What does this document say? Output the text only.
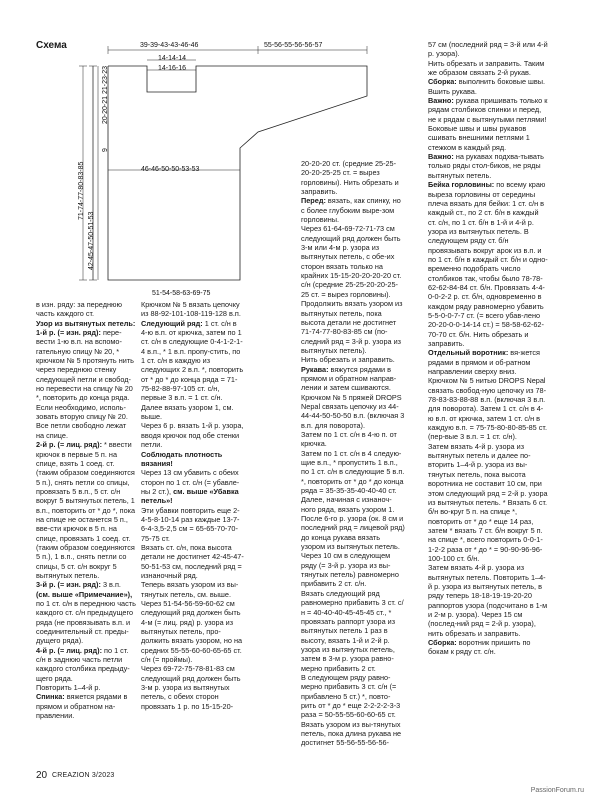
Схема	39-39-43-43-46-46	55-56-55-56-56-57
14-14-14
14-16-16
46-46-50-50-53-53
51-54-58-63-69-75
20-20-21 21-23-23
9
71-74-77-80-83-85
42-45-47-50-51-53

в изн. ряду: за переднюю часть каждого ст.

Узор из вытянутых петель:

1-й р. (= изн. ряд): пере-вести 1-ю в.п. на вспомо-гательную спицу № 20, * крючком № 5 протянуть нить через переднюю стенку следующей петли и свобод-но перевести на спицу № 20 *, повторить до конца ряда. Если необходимо, исполь-зовать вторую спицу № 20. Все петли свободно лежат на спице.

2-й р. (= лиц. ряд): * ввести крючок в первые 5 п. на спице, взять 1 соед. ст. (таким образом соединяются 5 п.), снять петли со спицы, провязать 5 в.п., 5 ст. с/н вокруг 5 вытянутых петель, 1 в.п., повторить от * до *, пока на спице не останется 5 п., вве-сти крючок в 5 п. на спице, провязать 1 соед. ст. (таким образом соединяются 5 п.), 1 в.п., снять петли со спицы, 5 ст. с/н вокруг 5 вытянутых петель.

3-й р. (= изн. ряд): 3 в.п.

(см. выше «Примечание»), по 1 ст. с/н в переднюю часть каждого ст. с/н предыдущего ряда (не провязывать в.п. и соединительный ст. преды-дущего ряда).

4-й р. (= лиц. ряд): по 1 ст. с/н в заднюю часть петли каждого столбика предыду-щего ряда.

Повторить 1–4-й р.

Спинка: вяжется рядами в прямом и обратном на-правлении.

Крючком № 5 вязать цепочку из 88-92-101-108-119-128 в.п.

Следующий ряд: 1 ст. с/н в 4-ю в.п. от крючка, затем по 1 ст. с/н в следующие 0-4-1-2-1-4 в.п., * 1 в.п. пропу-стить, по 1 ст. с/н в каждую из следующих 2 в.п. *, повторить от * до * до конца ряда = 71-75-82-88-97-105 ст. с/н, первые 3 в.п. = 1 ст. с/н.

Далее вязать узором 1, см. выше.

Через 6 р. вязать 1-й р. узора, вводя крючок под обе стенки петли.

Соблюдать плотность вязания!

Через 13 см убавить с обеих сторон по 1 ст. с/н (= убавле-ны 2 ст.), см. выше «Убавка петель»!

Эти убавки повторить еще 2-4-5-8-10-14 раз каждые 13-7-6-4-3,5-2,5 см = 65-65-70-70-75-75 ст.

Вязать ст. с/н, пока высота детали не достигнет 42-45-47-50-51-53 см, последний ряд = изнаночный ряд.

Теперь вязать узором из вы-тянутых петель, см. выше.

Через 51-54-56-59-60-62 см следующий ряд должен быть 4-м (= лиц. ряд) р. узора из вытянутых петель, про-должить вязать узором, но на средних 55-55-60-60-65-65 ст. с/н (= проймы).

Через 69-72-75-78-81-83 см следующий ряд должен быть 3-м р. узора из вытянутых петель, с обеих сторон провязать 1 р. по 15-15-20-

20-20-20 ст. (средние 25-25-20-20-25-25 ст. = вырез горловины). Нить обрезать и заправить.

Перед: вязать, как спинку, но с более глубоким выре-зом горловины.

Через 61-64-69-72-71-73 см следующий ряд должен быть 3-м или 4-м р. узора из вытянутых петель, с обе-их сторон вязать только на крайних 15-15-20-20-20-20 ст. с/н (средние 25-25-20-20-25-25 ст. = вырез горловины).

Продолжить вязать узором из вытянутых петель, пока высота детали не достигнет 71-74-77-80-83-85 см (по-следний ряд = 3-й р. узора из вытянутых петель).

Нить обрезать и заправить.

Рукава: вяжутся рядами в прямом и обратном направ-лении и затем сшиваются. Крючком № 5 пряжей DROPS Nepal связать цепочку из 44-44-44-50-50-50 в.п. (включая 3 в.п. для поворота).

Затем по 1 ст. с/н в 4-ю п. от крючка.

Затем по 1 ст. с/н в 4 следую-щие в.п., * пропустить 1 в.п., по 1 ст. с/н в следующие 5 в.п. *, повторить от * до * до конца ряда = 35-35-35-40-40-40 ст.

Далее, начиная с изнаноч-ного ряда, вязать узором 1. После 6-го р. узора (ок. 8 см и последний ряд = лицевой ряд) до конца рукава вязать узором из вытянутых петель. Через 10 см в следующем ряду (= 3-й р. узора из вы-тянутых петель) равномерно прибавить 2 ст. с/н.

Вязать следующий ряд равномерно прибавить 3 ст. с/н = 40-40-40-45-45-45 ст., * провязать раппорт узора из вытянутых петель 1 раз в высоту, вязать 1-й и 2-й р. узора из вытянутых петель, затем в 3-м р. узора равно-мерно прибавить 2 ст.

В следующем ряду равно-мерно прибавить 3 ст. с/н (= прибавлено 5 ст.) *, повто-рить от * до * еще 2-2-2-2-3-3 раза = 50-55-55-60-60-65 ст.

Вязать узором из вы-тянутых петель, пока длина рукава не достигнет 55-56-55-56-56-

57 см (последний ряд = 3-й или 4-й р. узора).

Нить обрезать и заправить. Таким же образом связать 2-й рукав.

Сборка: выполнить боковые швы.

Вшить рукава.

Важно: рукава пришивать только к рядам столбиков спинки и перед, не к рядам с вытянутыми петлями! Боковые швы и швы рукавов сшивать внешними петлями 1 стежком в каждый ряд.

Важно: на рукавах подхва-тывать только ряды стол-биков, не ряды вытянутых петель.

Бейка горловины: по всему краю выреза горловины от середины плеча вязать для бейки: 1 ст. с/н в каждый ст., по 2 ст. б/н в каждый ст. с/н, по 1 ст. б/н в 1-й и 4-й р. узора из вытянутых петель. В следующем ряду ст. б/н провязывать вокруг арок из в.п. и по 1 ст. б/н в каждый ст. б/н и одно-временно подобрать число столбиков так, чтобы было 78-78-62-62-84-84 ст. б/н. Провязать 4-4-0-0-2-2 р. ст. б/н, одновременно в каждом ряду равномерно убавить 5-5-0-0-7-7 ст. (= всего убав-лено 20-20-0-0-14-14 ст.) = 58-58-62-62-70-70 ст. б/н. Нить обрезать и заправить.

Отдельный воротник: вя-жется рядами в прямом и об-ратном направлении сверху вниз. Крючком № 5 нитью DROPS Nepal связать свобод-ную цепочку из 78-78-83-83-88-88 в.п. (включая 3 в.п. для поворота). Затем 1 ст. с/н в 4-ю в.п. от крючка, затем 1 ст. с/н в каждую в.п. = 75-75-80-80-85-85 ст. (пер-вые 3 в.п. = 1 ст. с/н).

Затем вязать 4-й р. узора из вытянутых петель и далее по-вторить 1–4-й р. узора из вы-тянутых петель, пока высота воротника не составит 10 см, при этом следующий ряд = 2-й р. узора из вытянутых петель. * Вязать 6 ст. б/н во-круг 5 п. на спице *, повторить от * до * еще 14 раз, затем * вязать 7 ст. б/н вокруг 5 п. на спице *, всего повторить 0-0-1-1-2-2 раза от * до * = 90-90-96-96-100-100 ст. б/н.

Затем вязать 4-й р. узора из вытянутых петель. Повторить 1–4-й р. узора из вытянутых петель, в ряду теперь 18-18-19-19-20-20 раппортов узора (подсчитано в 1-м и 2-м р. узора). Через 15 см (послед-ний ряд = 2-й р. узора), нить обрезать и заправить.

Сборка: воротник пришить по бокам к ряду ст. с/н.

20 CREAZION 3/2023
PassionForum.ru
